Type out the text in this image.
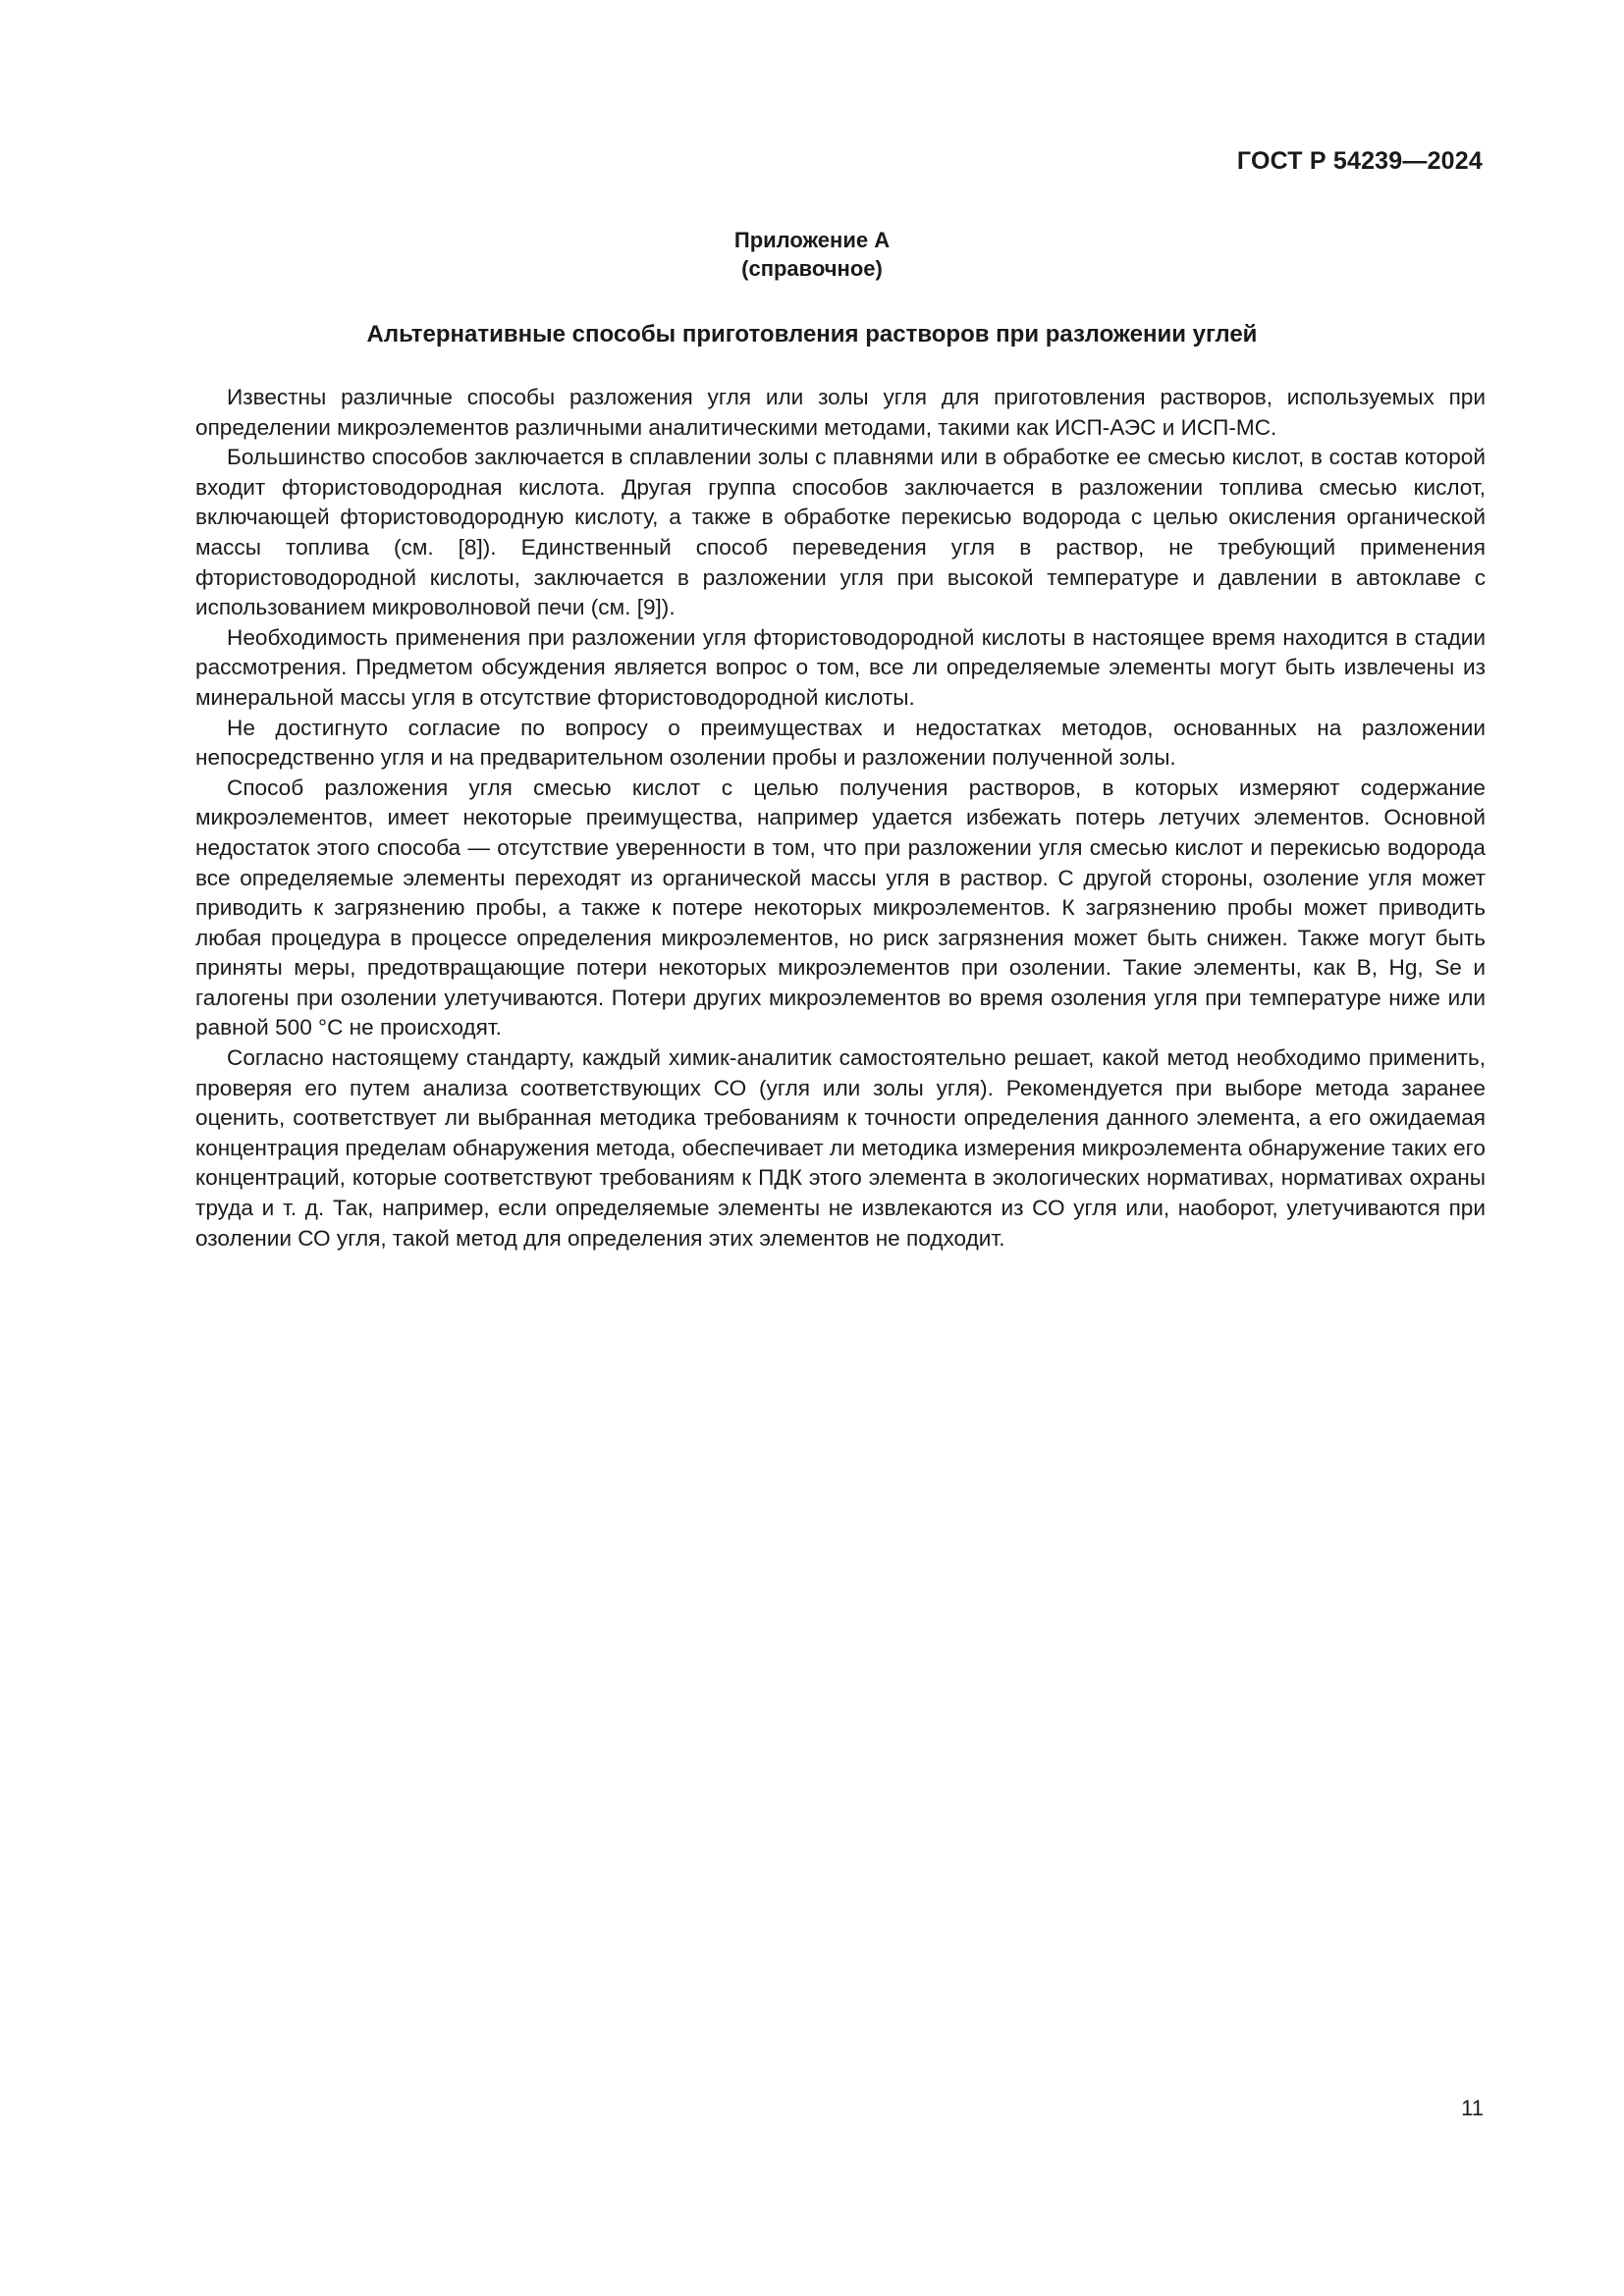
ГОСТ Р 54239—2024
Приложение А
(справочное)
Альтернативные способы приготовления растворов при разложении углей

Известны различные способы разложения угля или золы угля для приготовления растворов, используемых при определении микроэлементов различными аналитическими методами, такими как ИСП-АЭС и ИСП-МС.

Большинство способов заключается в сплавлении золы с плавнями или в обработке ее смесью кислот, в состав которой входит фтористоводородная кислота. Другая группа способов заключается в разложении топлива смесью кислот, включающей фтористоводородную кислоту, а также в обработке перекисью водорода с целью окисления органической массы топлива (см. [8]). Единственный способ переведения угля в раствор, не требующий применения фтористоводородной кислоты, заключается в разложении угля при высокой температуре и давлении в автоклаве с использованием микроволновой печи (см. [9]).

Необходимость применения при разложении угля фтористоводородной кислоты в настоящее время находится в стадии рассмотрения. Предметом обсуждения является вопрос о том, все ли определяемые элементы могут быть извлечены из минеральной массы угля в отсутствие фтористоводородной кислоты.

Не достигнуто согласие по вопросу о преимуществах и недостатках методов, основанных на разложении непосредственно угля и на предварительном озолении пробы и разложении полученной золы.

Способ разложения угля смесью кислот с целью получения растворов, в которых измеряют содержание микроэлементов, имеет некоторые преимущества, например удается избежать потерь летучих элементов. Основной недостаток этого способа — отсутствие уверенности в том, что при разложении угля смесью кислот и перекисью водорода все определяемые элементы переходят из органической массы угля в раствор. С другой стороны, озоление угля может приводить к загрязнению пробы, а также к потере некоторых микроэлементов. К загрязнению пробы может приводить любая процедура в процессе определения микроэлементов, но риск загрязнения может быть снижен. Также могут быть приняты меры, предотвращающие потери некоторых микроэлементов при озолении. Такие элементы, как B, Hg, Se и галогены при озолении улетучиваются. Потери других микроэлементов во время озоления угля при температуре ниже или равной 500 °C не происходят.

Согласно настоящему стандарту, каждый химик-аналитик самостоятельно решает, какой метод необходимо применить, проверяя его путем анализа соответствующих СО (угля или золы угля). Рекомендуется при выборе метода заранее оценить, соответствует ли выбранная методика требованиям к точности определения данного элемента, а его ожидаемая концентрация пределам обнаружения метода, обеспечивает ли методика измерения микроэлемента обнаружение таких его концентраций, которые соответствуют требованиям к ПДК этого элемента в экологических нормативах, нормативах охраны труда и т. д. Так, например, если определяемые элементы не извлекаются из СО угля или, наоборот, улетучиваются при озолении СО угля, такой метод для определения этих элементов не подходит.

11
